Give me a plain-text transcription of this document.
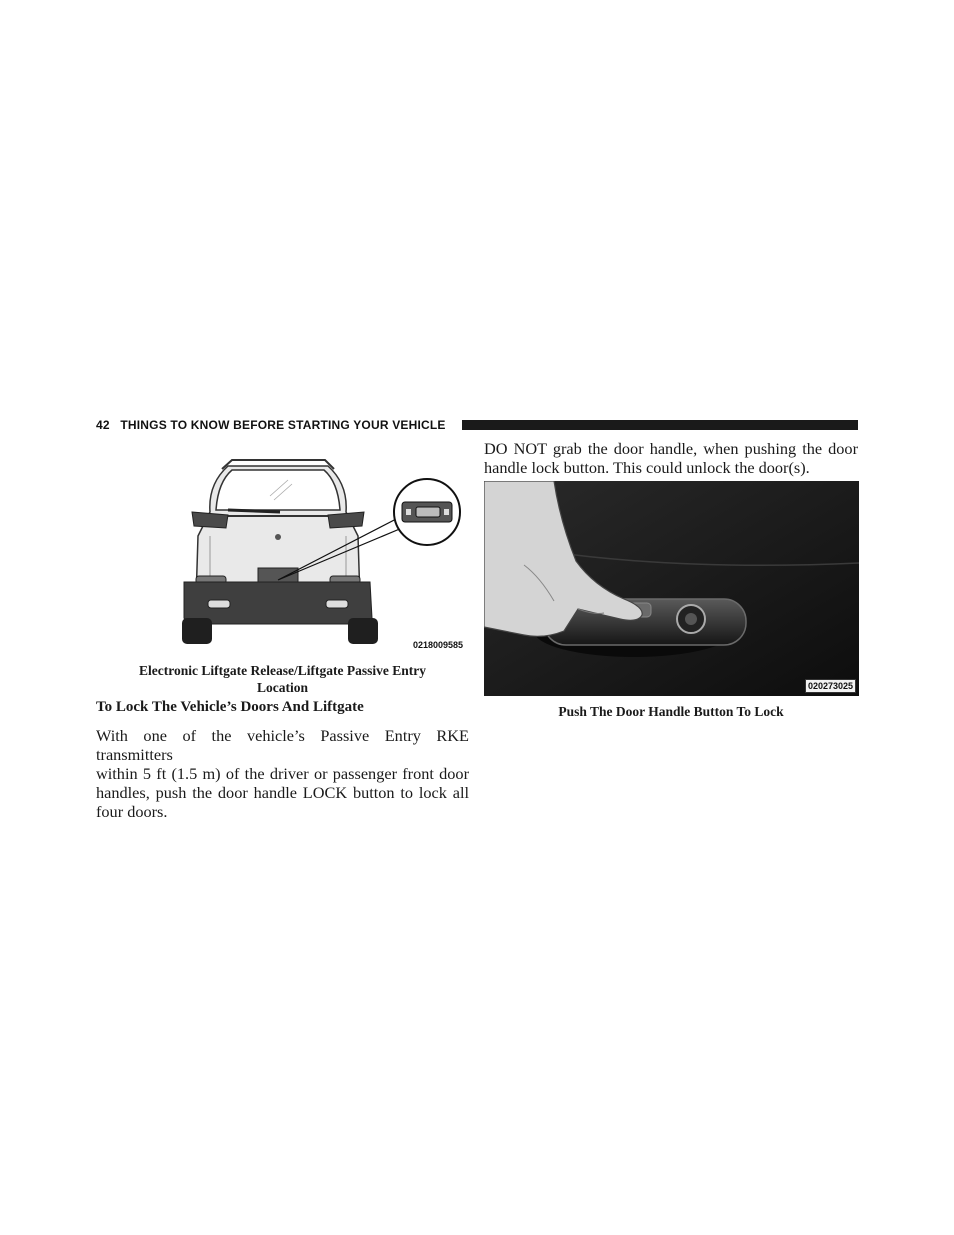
42 THINGS TO KNOW BEFORE STARTING YOUR VEHICLE
0218009585
Electronic Liftgate Release/Liftgate Passive Entry
Location
To Lock The Vehicle’s Doors And Liftgate
With one of the vehicle’s Passive Entry RKE transmitters
within 5 ft (1.5 m) of the driver or passenger front door
handles, push the door handle LOCK button to lock all
four doors.
DO NOT grab the door handle, when pushing the door
handle lock button. This could unlock the door(s).
020273025
Push The Door Handle Button To Lock
